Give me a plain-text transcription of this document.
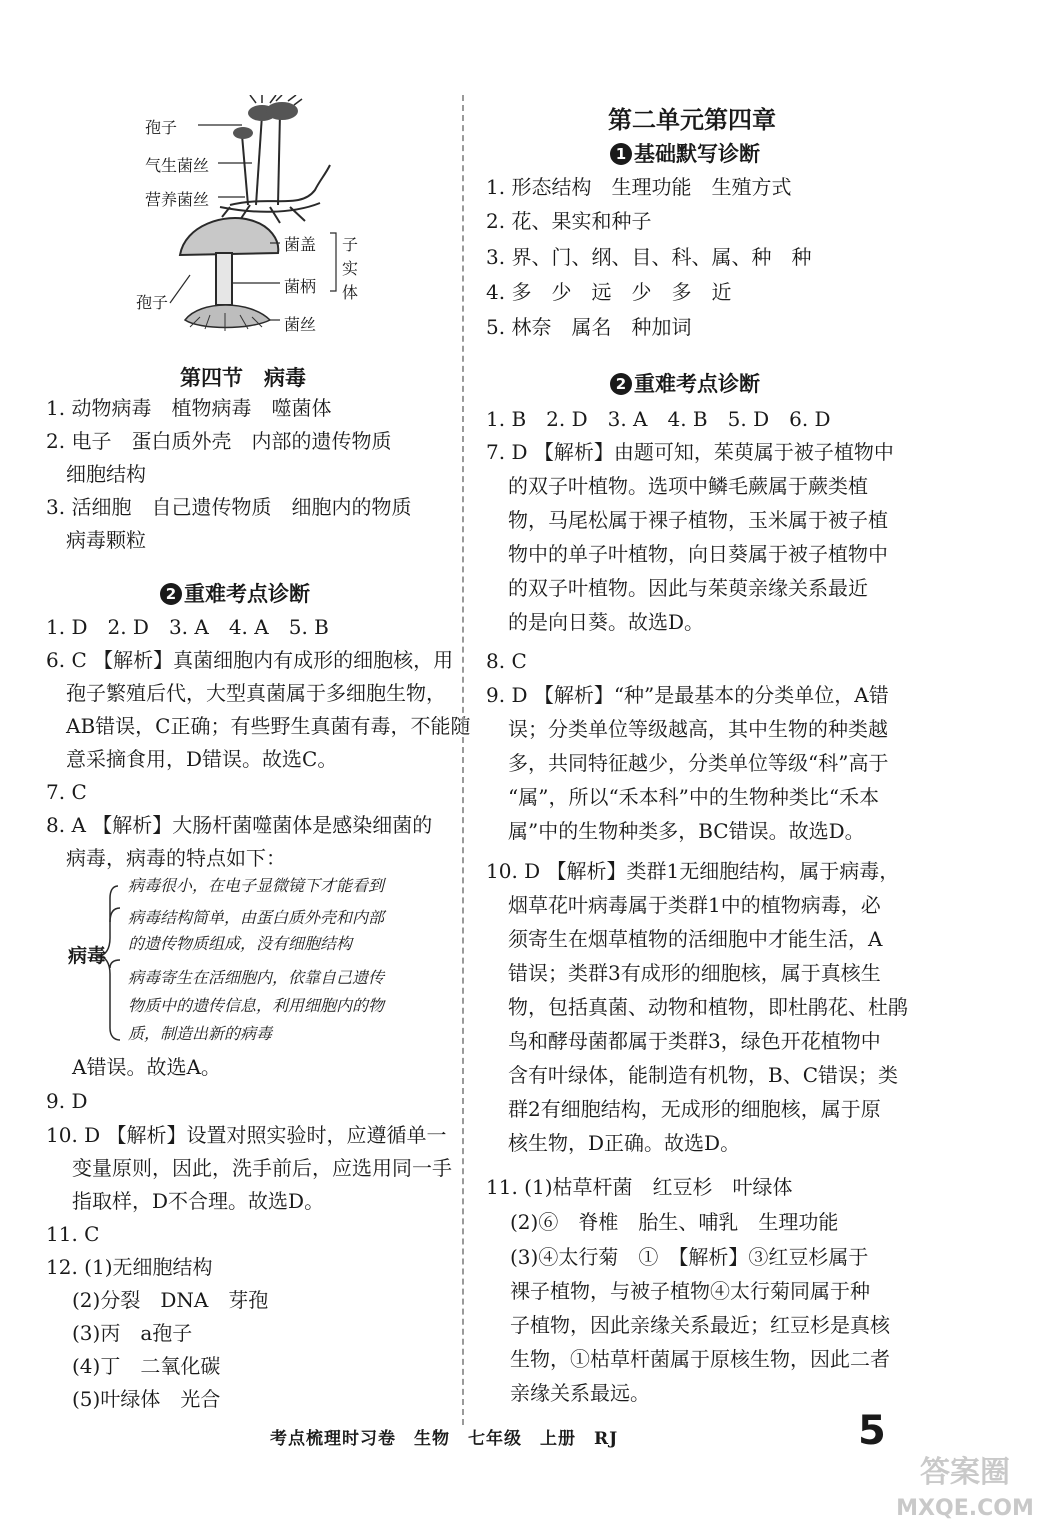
孢子
气生菌丝
营养菌丝
菌盖
菌柄
菌丝
孢子
子
实
体
第四节　病毒
1. 动物病毒　植物病毒　噬菌体
2. 电子　蛋白质外壳　内部的遗传物质
细胞结构
3. 活细胞　自己遗传物质　细胞内的物质
病毒颗粒
2 重难考点诊断
1. D　2. D　3. A　4. A　5. B
6. C 【解析】真菌细胞内有成形的细胞核，用
孢子繁殖后代，大型真菌属于多细胞生物，
AB错误，C正确；有些野生真菌有毒，不能随
意采摘食用，D错误。故选C。
7. C
8. A 【解析】大肠杆菌噬菌体是感染细菌的
病毒，病毒的特点如下：
病毒
病毒很小，在电子显微镜下才能看到
病毒结构简单，由蛋白质外壳和内部
的遗传物质组成，没有细胞结构
病毒寄生在活细胞内，依靠自己遗传
物质中的遗传信息，利用细胞内的物
质，制造出新的病毒
A错误。故选A。
9. D
10. D 【解析】设置对照实验时，应遵循单一
变量原则，因此，洗手前后，应选用同一手
指取样，D不合理。故选D。
11. C
12. (1)无细胞结构
(2)分裂　DNA　芽孢
(3)丙　a孢子
(4)丁　二氧化碳
(5)叶绿体　光合
第二单元第四章
1 基础默写诊断
1. 形态结构　生理功能　生殖方式
2. 花、果实和种子
3. 界、门、纲、目、科、属、种　种
4. 多　少　远　少　多　近
5. 林奈　属名　种加词
2 重难考点诊断
1. B　2. D　3. A　4. B　5. D　6. D
7. D 【解析】由题可知，茱萸属于被子植物中
的双子叶植物。选项中鳞毛蕨属于蕨类植
物，马尾松属于裸子植物，玉米属于被子植
物中的单子叶植物，向日葵属于被子植物中
的双子叶植物。因此与茱萸亲缘关系最近
的是向日葵。故选D。
8. C
9. D 【解析】“种”是最基本的分类单位，A错
误；分类单位等级越高，其中生物的种类越
多，共同特征越少，分类单位等级“科”高于
“属”，所以“禾本科”中的生物种类比“禾本
属”中的生物种类多，BC错误。故选D。
10. D 【解析】类群1无细胞结构，属于病毒，
烟草花叶病毒属于类群1中的植物病毒，必
须寄生在烟草植物的活细胞中才能生活，A
错误；类群3有成形的细胞核，属于真核生
物，包括真菌、动物和植物，即杜鹃花、杜鹃
鸟和酵母菌都属于类群3，绿色开花植物中
含有叶绿体，能制造有机物，B、C错误；类
群2有细胞结构，无成形的细胞核，属于原
核生物，D正确。故选D。
11. (1)枯草杆菌　红豆杉　叶绿体
(2)⑥　脊椎　胎生、哺乳　生理功能
(3)④太行菊　①　【解析】③红豆杉属于
裸子植物，与被子植物④太行菊同属于种
子植物，因此亲缘关系最近；红豆杉是真核
生物，①枯草杆菌属于原核生物，因此二者
亲缘关系最远。
考点梳理时习卷　生物　七年级　上册　RJ	5
答案圈
MXQE.COM
